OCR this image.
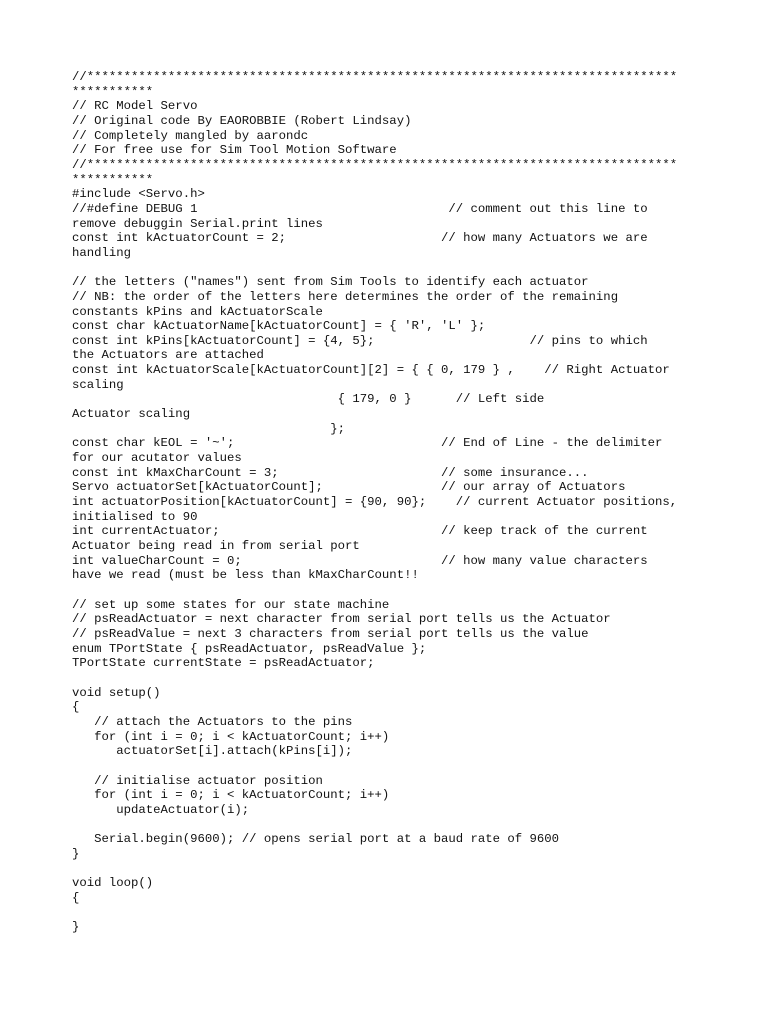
//********************************************************************************
***********
// RC Model Servo
// Original code By EAOROBBIE (Robert Lindsay)
// Completely mangled by aarondc
// For free use for Sim Tool Motion Software
//********************************************************************************
***********
#include <Servo.h>
//#define DEBUG 1                                  // comment out this line to
remove debuggin Serial.print lines
const int kActuatorCount = 2;                     // how many Actuators we are
handling
// the letters ("names") sent from Sim Tools to identify each actuator
// NB: the order of the letters here determines the order of the remaining
constants kPins and kActuatorScale
const char kActuatorName[kActuatorCount] = { 'R', 'L' };
const int kPins[kActuatorCount] = {4, 5};                     // pins to which
the Actuators are attached
const int kActuatorScale[kActuatorCount][2] = { { 0, 179 } ,    // Right Actuator
scaling
{ 179, 0 }      // Left side
Actuator scaling
};
const char kEOL = '~';                            // End of Line - the delimiter
for our acutator values
const int kMaxCharCount = 3;                      // some insurance...
Servo actuatorSet[kActuatorCount];                // our array of Actuators
int actuatorPosition[kActuatorCount] = {90, 90};    // current Actuator positions,
initialised to 90
int currentActuator;                              // keep track of the current
Actuator being read in from serial port
int valueCharCount = 0;                           // how many value characters
have we read (must be less than kMaxCharCount!!
// set up some states for our state machine
// psReadActuator = next character from serial port tells us the Actuator
// psReadValue = next 3 characters from serial port tells us the value
enum TPortState { psReadActuator, psReadValue };
TPortState currentState = psReadActuator;
void setup()
{
// attach the Actuators to the pins
for (int i = 0; i < kActuatorCount; i++)
actuatorSet[i].attach(kPins[i]);
// initialise actuator position
for (int i = 0; i < kActuatorCount; i++)
updateActuator(i);
Serial.begin(9600); // opens serial port at a baud rate of 9600
}
void loop()
{
}
